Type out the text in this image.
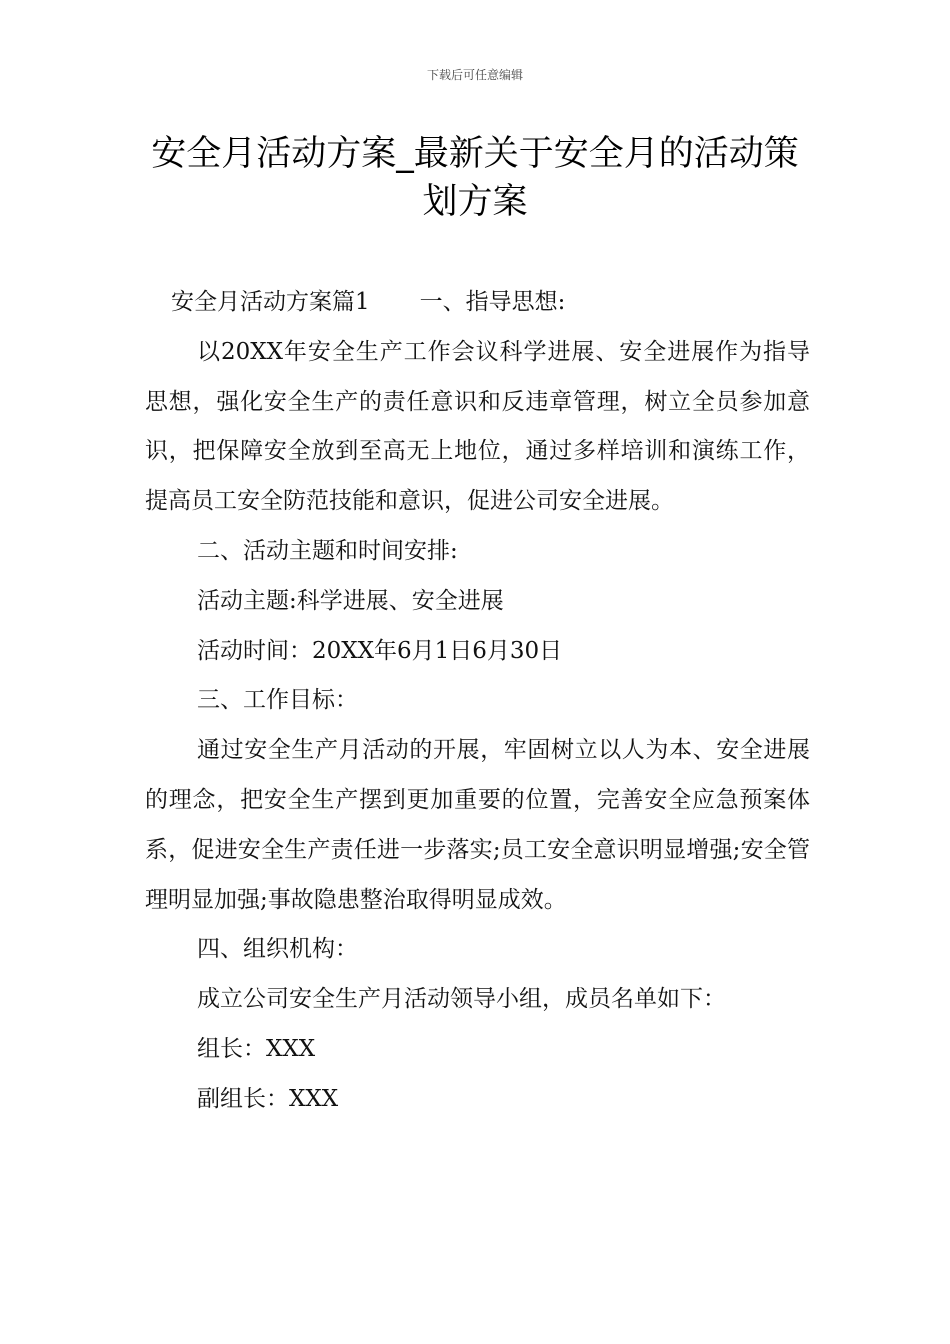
下载后可任意编辑
安全月活动方案_最新关于安全月的活动策划方案

安全月活动方案篇1 一、指导思想:

以20XX年安全生产工作会议科学进展、安全进展作为指导思想，强化安全生产的责任意识和反违章管理，树立全员参加意识，把保障安全放到至高无上地位，通过多样培训和演练工作，提高员工安全防范技能和意识，促进公司安全进展。

二、活动主题和时间安排:

活动主题:科学进展、安全进展

活动时间：20XX年6月1日6月30日

三、工作目标：

通过安全生产月活动的开展，牢固树立以人为本、安全进展的理念，把安全生产摆到更加重要的位置，完善安全应急预案体系，促进安全生产责任进一步落实;员工安全意识明显增强;安全管理明显加强;事故隐患整治取得明显成效。

四、组织机构：

成立公司安全生产月活动领导小组，成员名单如下：

组长：XXX

副组长：XXX
